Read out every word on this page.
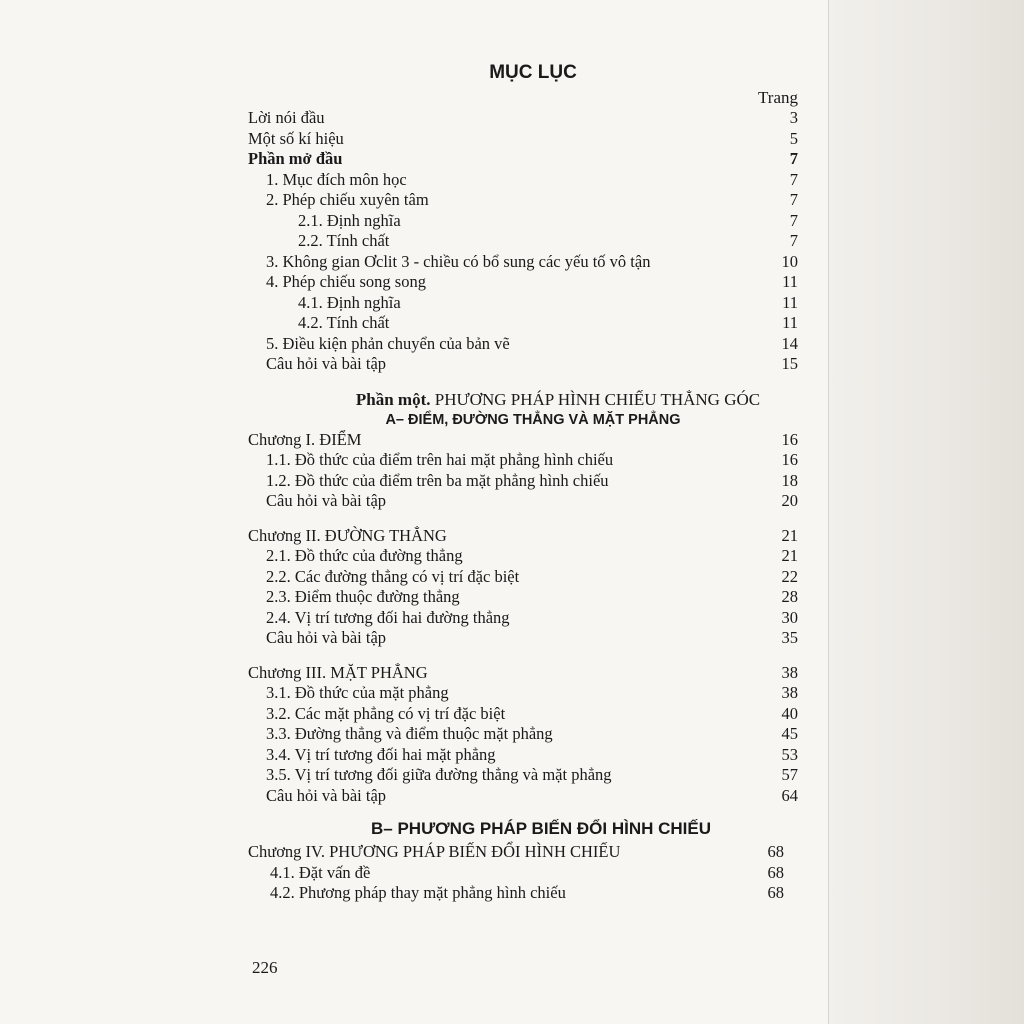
MỤC LỤC
Trang
Lời nói đầu	3
Một số kí hiệu	5
Phần mở đầu	7
1. Mục đích môn học	7
2. Phép chiếu xuyên tâm	7
2.1. Định nghĩa	7
2.2. Tính chất	7
3. Không gian Ơclit 3 - chiều có bổ sung các yếu tố vô tận	10
4. Phép chiếu song song	11
4.1. Định nghĩa	11
4.2. Tính chất	11
5. Điều kiện phản chuyển của bản vẽ	14
Câu hỏi và bài tập	15
Phần một. PHƯƠNG PHÁP HÌNH CHIẾU THẲNG GÓC
A– ĐIỂM, ĐƯỜNG THẲNG VÀ MẶT PHẲNG
Chương I. ĐIỂM	16
1.1. Đồ thức của điểm trên hai mặt phẳng hình chiếu	16
1.2. Đồ thức của điểm trên ba mặt phẳng hình chiếu	18
Câu hỏi và bài tập	20
Chương II. ĐƯỜNG THẲNG	21
2.1. Đồ thức của đường thẳng	21
2.2. Các đường thẳng có vị trí đặc biệt	22
2.3. Điểm thuộc đường thẳng	28
2.4. Vị trí tương đối hai đường thẳng	30
Câu hỏi và bài tập	35
Chương III. MẶT PHẲNG	38
3.1. Đồ thức của mặt phẳng	38
3.2. Các mặt phẳng có vị trí đặc biệt	40
3.3. Đường thẳng và điểm thuộc mặt phẳng	45
3.4. Vị trí tương đối hai mặt phẳng	53
3.5. Vị trí tương đối giữa đường thẳng và mặt phẳng	57
Câu hỏi và bài tập	64
B– PHƯƠNG PHÁP BIẾN ĐỔI HÌNH CHIẾU
Chương IV. PHƯƠNG PHÁP BIẾN ĐỔI HÌNH CHIẾU	68
4.1. Đặt vấn đề	68
4.2. Phương pháp thay mặt phẳng hình chiếu	68
226
